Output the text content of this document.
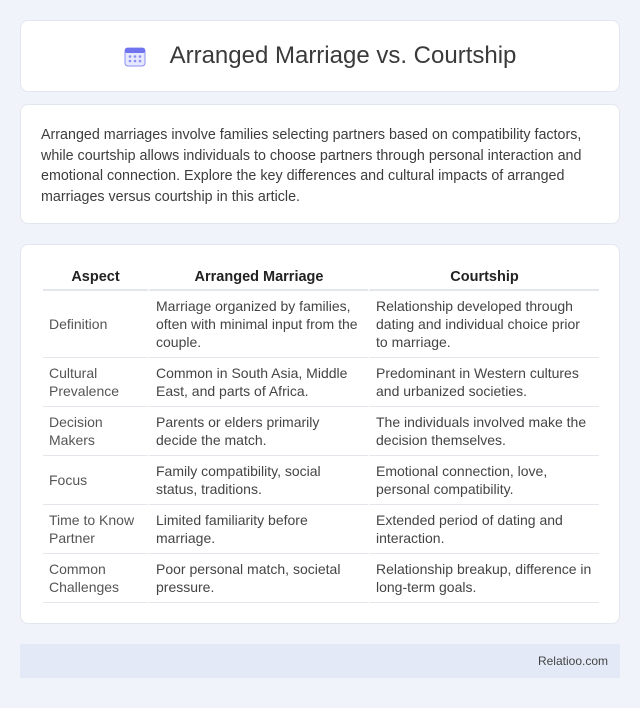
Arranged Marriage vs. Courtship

Arranged marriages involve families selecting partners based on compatibility factors, while courtship allows individuals to choose partners through personal interaction and emotional connection. Explore the key differences and cultural impacts of arranged marriages versus courtship in this article.

Aspect	Arranged Marriage	Courtship
Definition	Marriage organized by families, often with minimal input from the couple.	Relationship developed through dating and individual choice prior to marriage.
Cultural Prevalence	Common in South Asia, Middle East, and parts of Africa.	Predominant in Western cultures and urbanized societies.
Decision Makers	Parents or elders primarily decide the match.	The individuals involved make the decision themselves.
Focus	Family compatibility, social status, traditions.	Emotional connection, love, personal compatibility.
Time to Know Partner	Limited familiarity before marriage.	Extended period of dating and interaction.
Common Challenges	Poor personal match, societal pressure.	Relationship breakup, difference in long-term goals.
Relatioo.com
